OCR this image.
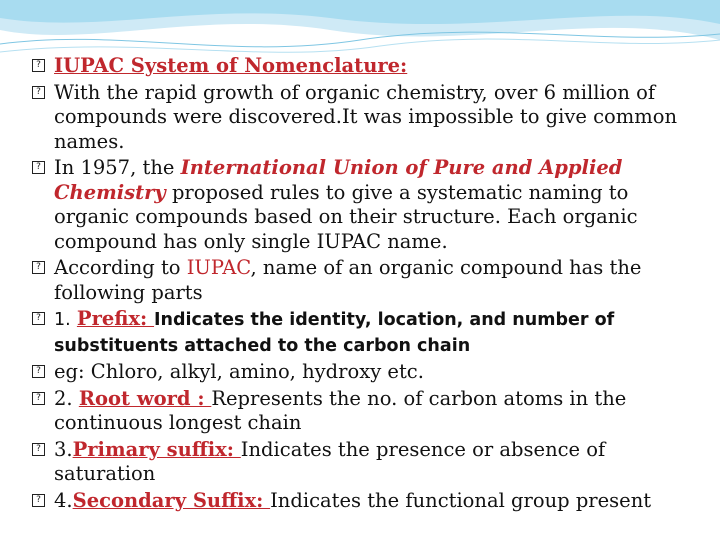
? IUPAC System of Nomenclature:

? With the rapid growth of organic chemistry, over 6 million of compounds were discovered.It was impossible to give common names.

? In 1957, the International Union of Pure and Applied Chemistry proposed rules to give a systematic naming to organic compounds based on their structure. Each organic compound has only single IUPAC name.

? According to IUPAC, name of an organic compound has the following parts

? 1. Prefix: Indicates the identity, location, and number of substituents attached to the carbon chain

? eg: Chloro, alkyl, amino, hydroxy etc.

? 2. Root word : Represents the no. of carbon atoms in the continuous longest chain

? 3.Primary suffix: Indicates the presence or absence of saturation

? 4.Secondary Suffix: Indicates the functional group present
